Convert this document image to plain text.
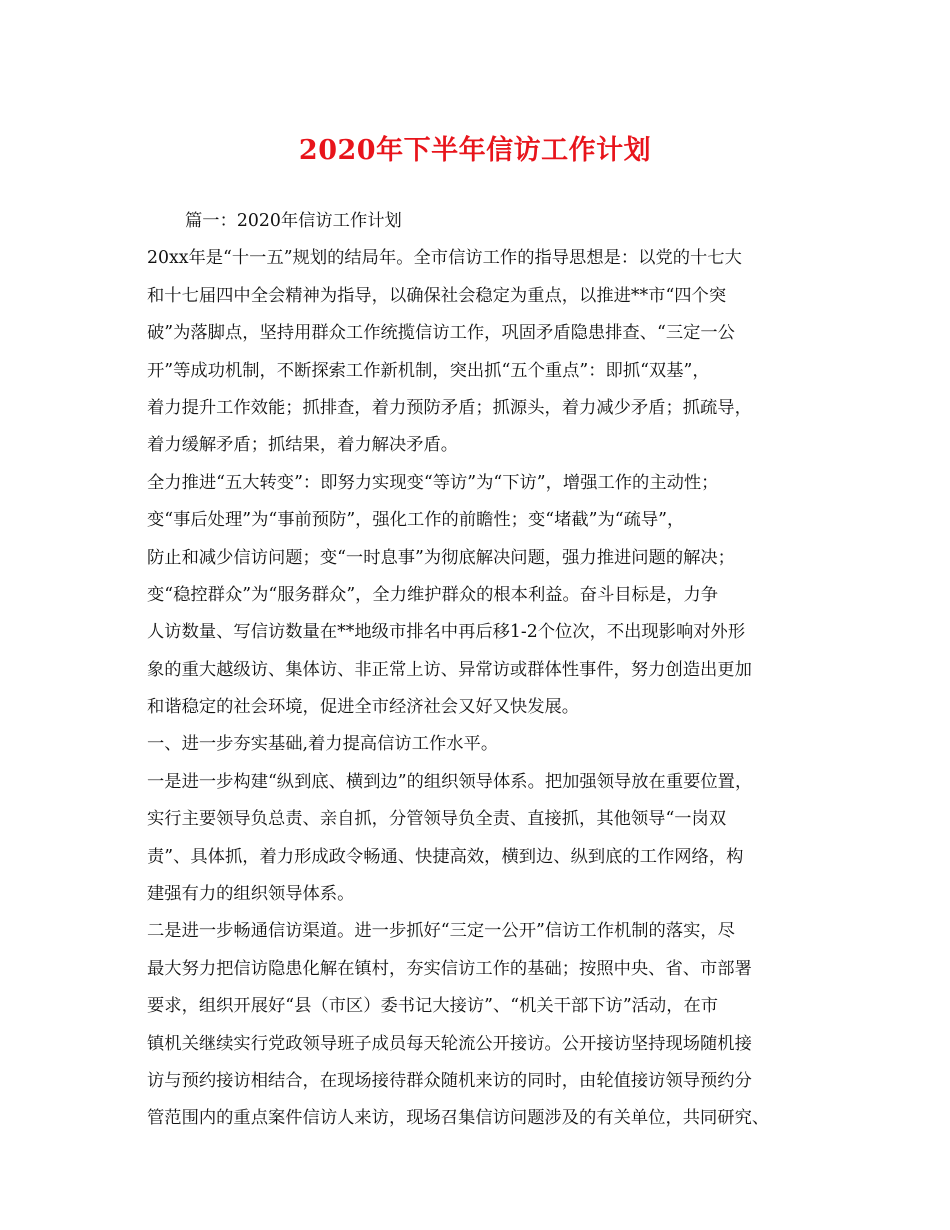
2020年下半年信访工作计划
篇一：2020年信访工作计划
20xx年是“十一五”规划的结局年。全市信访工作的指导思想是：以党的十七大
和十七届四中全会精神为指导，以确保社会稳定为重点，以推进**市“四个突
破”为落脚点，坚持用群众工作统揽信访工作，巩固矛盾隐患排查、“三定一公
开”等成功机制，不断探索工作新机制，突出抓“五个重点”：即抓“双基”，
着力提升工作效能；抓排查，着力预防矛盾；抓源头，着力减少矛盾；抓疏导，
着力缓解矛盾；抓结果，着力解决矛盾。
全力推进“五大转变”：即努力实现变“等访”为“下访”，增强工作的主动性；
变“事后处理”为“事前预防”，强化工作的前瞻性；变“堵截”为“疏导”，
防止和减少信访问题；变“一时息事”为彻底解决问题，强力推进问题的解决；
变“稳控群众”为“服务群众”，全力维护群众的根本利益。奋斗目标是，力争
人访数量、写信访数量在**地级市排名中再后移1-2个位次，不出现影响对外形
象的重大越级访、集体访、非正常上访、异常访或群体性事件，努力创造出更加
和谐稳定的社会环境，促进全市经济社会又好又快发展。
一、进一步夯实基础,着力提高信访工作水平。
一是进一步构建“纵到底、横到边”的组织领导体系。把加强领导放在重要位置，
实行主要领导负总责、亲自抓，分管领导负全责、直接抓，其他领导“一岗双
责”、具体抓，着力形成政令畅通、快捷高效，横到边、纵到底的工作网络，构
建强有力的组织领导体系。
二是进一步畅通信访渠道。进一步抓好“三定一公开”信访工作机制的落实，尽
最大努力把信访隐患化解在镇村，夯实信访工作的基础；按照中央、省、市部署
要求，组织开展好“县（市区）委书记大接访”、“机关干部下访”活动，在市
镇机关继续实行党政领导班子成员每天轮流公开接访。公开接访坚持现场随机接
访与预约接访相结合，在现场接待群众随机来访的同时，由轮值接访领导预约分
管范围内的重点案件信访人来访，现场召集信访问题涉及的有关单位，共同研究、
